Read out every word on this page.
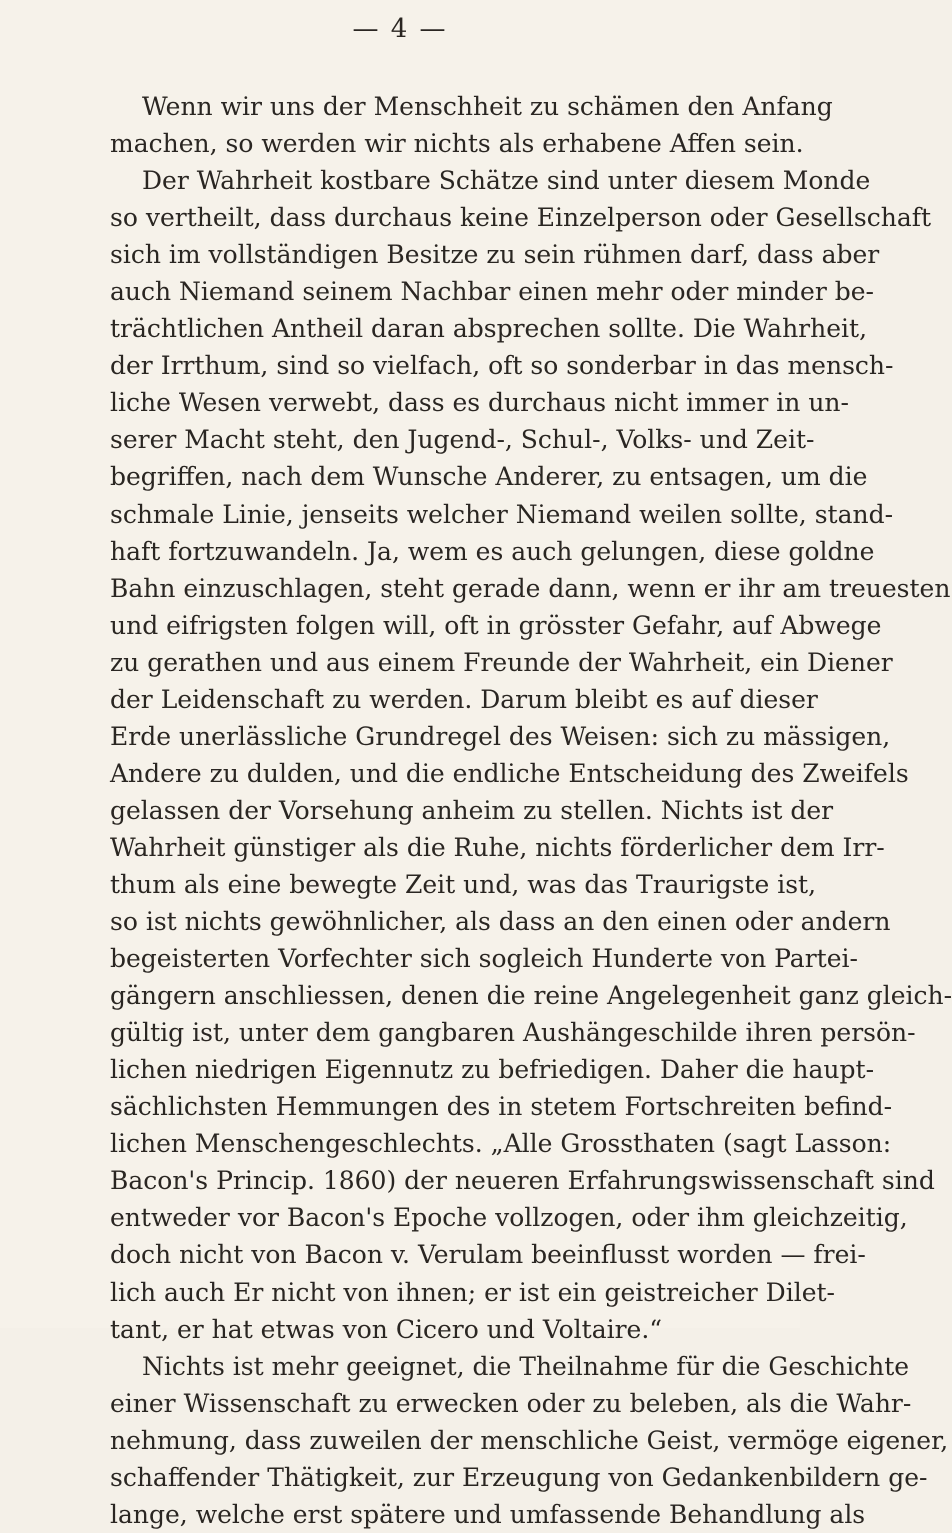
— 4 —
Wenn wir uns der Menschheit zu schämen den Anfang
machen, so werden wir nichts als erhabene Affen sein.
Der Wahrheit kostbare Schätze sind unter diesem Monde
so vertheilt, dass durchaus keine Einzelperson oder Gesellschaft
sich im vollständigen Besitze zu sein rühmen darf, dass aber
auch Niemand seinem Nachbar einen mehr oder minder be-
trächtlichen Antheil daran absprechen sollte. Die Wahrheit,
der Irrthum, sind so vielfach, oft so sonderbar in das mensch-
liche Wesen verwebt, dass es durchaus nicht immer in un-
serer Macht steht, den Jugend-, Schul-, Volks- und Zeit-
begriffen, nach dem Wunsche Anderer, zu entsagen, um die
schmale Linie, jenseits welcher Niemand weilen sollte, stand-
haft fortzuwandeln. Ja, wem es auch gelungen, diese goldne
Bahn einzuschlagen, steht gerade dann, wenn er ihr am treuesten
und eifrigsten folgen will, oft in grösster Gefahr, auf Abwege
zu gerathen und aus einem Freunde der Wahrheit, ein Diener
der Leidenschaft zu werden. Darum bleibt es auf dieser
Erde unerlässliche Grundregel des Weisen: sich zu mässigen,
Andere zu dulden, und die endliche Entscheidung des Zweifels
gelassen der Vorsehung anheim zu stellen. Nichts ist der
Wahrheit günstiger als die Ruhe, nichts förderlicher dem Irr-
thum als eine bewegte Zeit und, was das Traurigste ist,
so ist nichts gewöhnlicher, als dass an den einen oder andern
begeisterten Vorfechter sich sogleich Hunderte von Partei-
gängern anschliessen, denen die reine Angelegenheit ganz gleich-
gültig ist, unter dem gangbaren Aushängeschilde ihren persön-
lichen niedrigen Eigennutz zu befriedigen. Daher die haupt-
sächlichsten Hemmungen des in stetem Fortschreiten befind-
lichen Menschengeschlechts. „Alle Grossthaten (sagt Lasson:
Bacon's Princip. 1860) der neueren Erfahrungswissenschaft sind
entweder vor Bacon's Epoche vollzogen, oder ihm gleichzeitig,
doch nicht von Bacon v. Verulam beeinflusst worden — frei-
lich auch Er nicht von ihnen; er ist ein geistreicher Dilet-
tant, er hat etwas von Cicero und Voltaire.“
Nichts ist mehr geeignet, die Theilnahme für die Geschichte
einer Wissenschaft zu erwecken oder zu beleben, als die Wahr-
nehmung, dass zuweilen der menschliche Geist, vermöge eigener,
schaffender Thätigkeit, zur Erzeugung von Gedankenbildern ge-
lange, welche erst spätere und umfassende Behandlung als
